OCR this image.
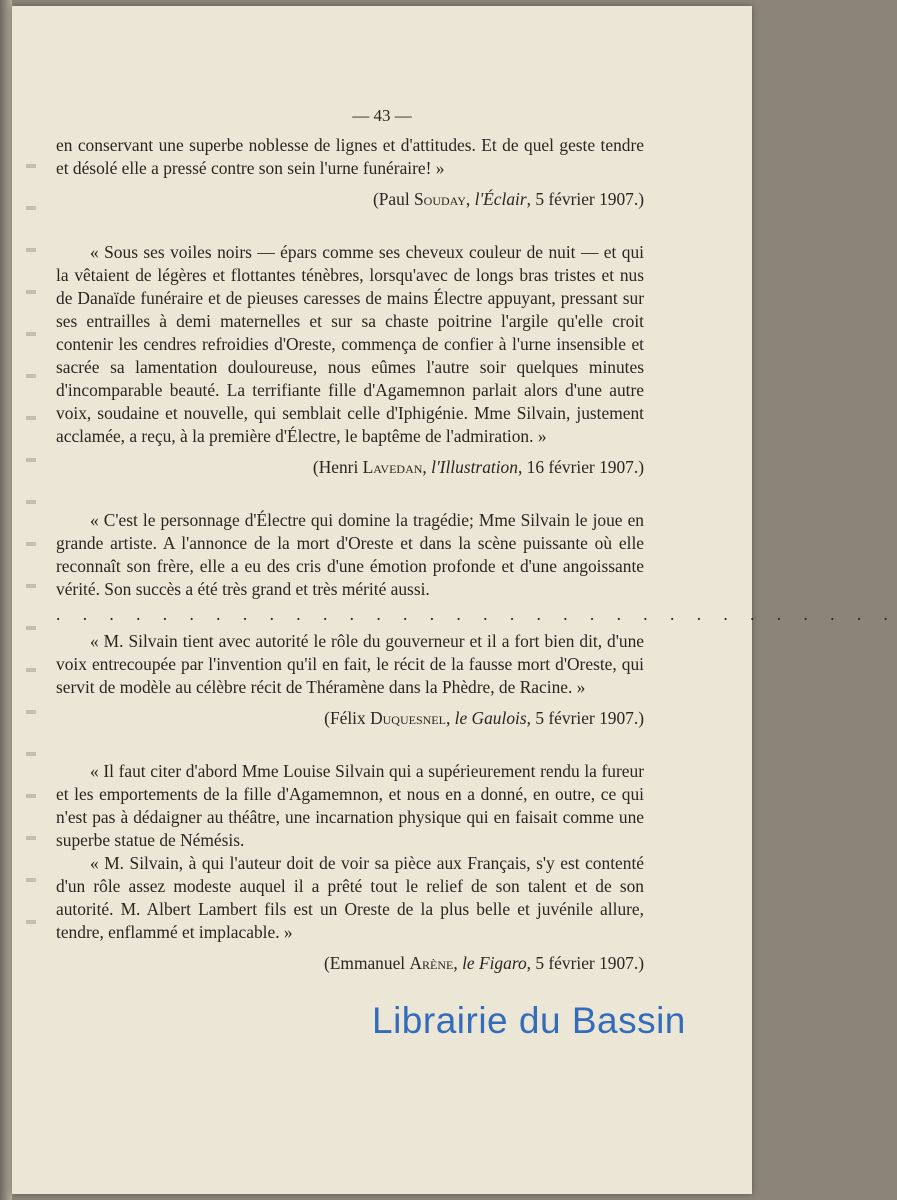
— 43 —

en conservant une superbe noblesse de lignes et d'attitudes. Et de quel geste tendre et désolé elle a pressé contre son sein l'urne funéraire! »

(Paul Souday, l'Éclair, 5 février 1907.)

« Sous ses voiles noirs — épars comme ses cheveux couleur de nuit — et qui la vêtaient de légères et flottantes ténèbres, lorsqu'avec de longs bras tristes et nus de Danaïde funéraire et de pieuses caresses de mains Électre appuyant, pressant sur ses entrailles à demi maternelles et sur sa chaste poitrine l'argile qu'elle croit contenir les cendres refroidies d'Oreste, commença de confier à l'urne insensible et sacrée sa lamentation douloureuse, nous eûmes l'autre soir quelques minutes d'incomparable beauté. La terrifiante fille d'Agamemnon parlait alors d'une autre voix, soudaine et nouvelle, qui semblait celle d'Iphigénie. Mme Silvain, justement acclamée, a reçu, à la première d'Électre, le baptême de l'admiration. »

(Henri Lavedan, l'Illustration, 16 février 1907.)

« C'est le personnage d'Électre qui domine la tragédie; Mme Silvain le joue en grande artiste. A l'annonce de la mort d'Oreste et dans la scène puissante où elle reconnaît son frère, elle a eu des cris d'une émotion profonde et d'une angoissante vérité. Son succès a été très grand et très mérité aussi.

. . . . . . . . . . . . . . . . . . . . . . . . . . . . . . . .

« M. Silvain tient avec autorité le rôle du gouverneur et il a fort bien dit, d'une voix entrecoupée par l'invention qu'il en fait, le récit de la fausse mort d'Oreste, qui servit de modèle au célèbre récit de Théramène dans la Phèdre, de Racine. »

(Félix Duquesnel, le Gaulois, 5 février 1907.)

« Il faut citer d'abord Mme Louise Silvain qui a supérieurement rendu la fureur et les emportements de la fille d'Agamemnon, et nous en a donné, en outre, ce qui n'est pas à dédaigner au théâtre, une incarnation physique qui en faisait comme une superbe statue de Némésis.

« M. Silvain, à qui l'auteur doit de voir sa pièce aux Français, s'y est contenté d'un rôle assez modeste auquel il a prêté tout le relief de son talent et de son autorité. M. Albert Lambert fils est un Oreste de la plus belle et juvénile allure, tendre, enflammé et implacable. »

(Emmanuel Arène, le Figaro, 5 février 1907.)

Librairie du Bassin
